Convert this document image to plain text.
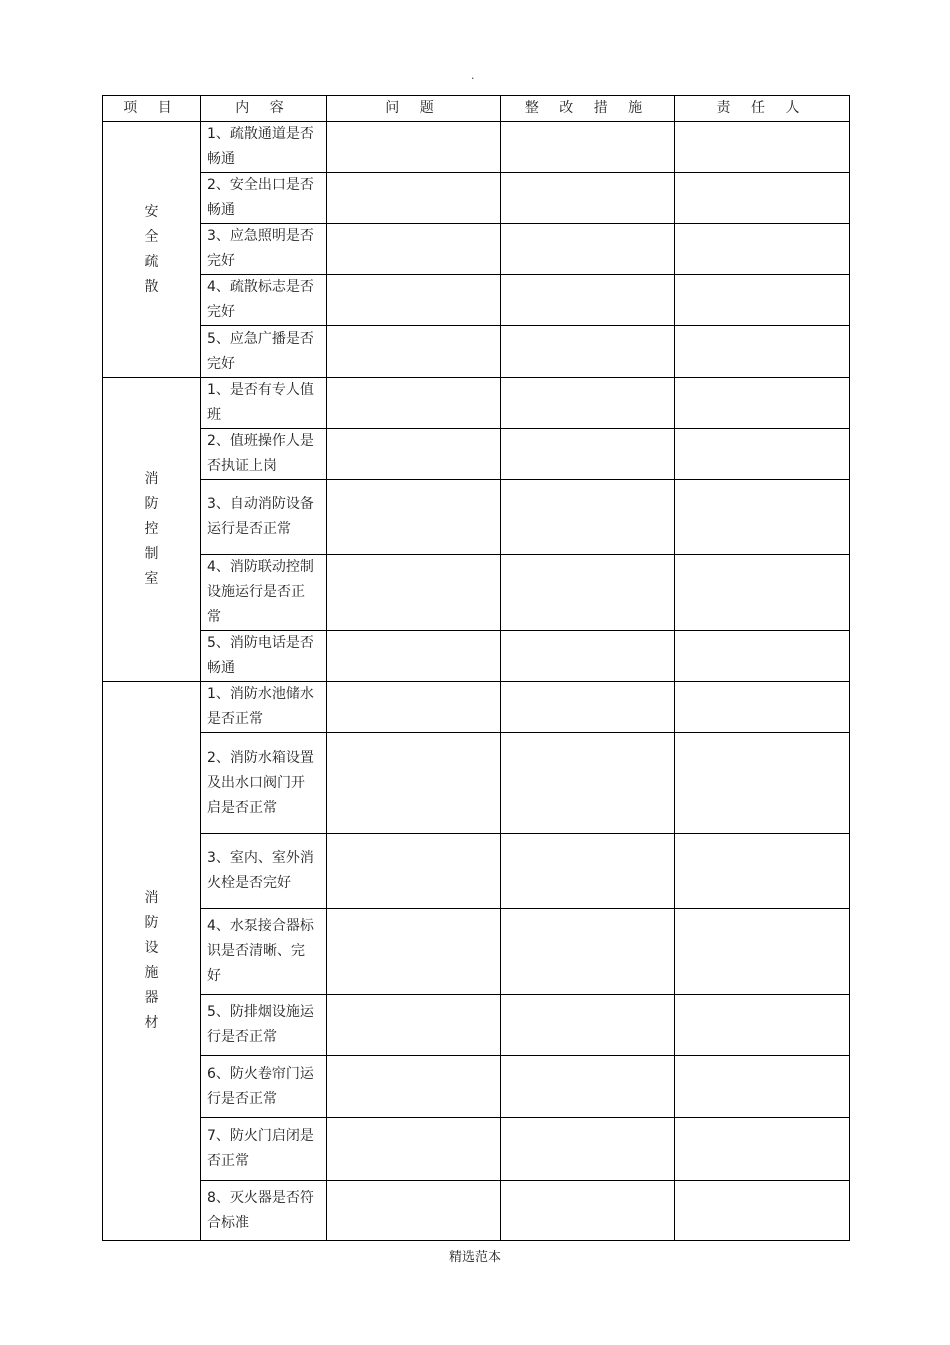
.
项 目	内 容	问 题	整 改 措 施	责 任 人
安全疏散	1、疏散通道是否畅通			
	2、安全出口是否畅通			
	3、应急照明是否完好			
	4、疏散标志是否完好			
	5、应急广播是否完好			
消防控制室	1、是否有专人值班			
	2、值班操作人是否执证上岗			
	3、自动消防设备运行是否正常			
	4、消防联动控制设施运行是否正常			
	5、消防电话是否畅通			
消防设施器材	1、消防水池储水是否正常			
	2、消防水箱设置及出水口阀门开启是否正常			
	3、室内、室外消火栓是否完好			
	4、水泵接合器标识是否清晰、完好			
	5、防排烟设施运行是否正常			
	6、防火卷帘门运行是否正常			
	7、防火门启闭是否正常			
	8、灭火器是否符合标准			
精选范本
